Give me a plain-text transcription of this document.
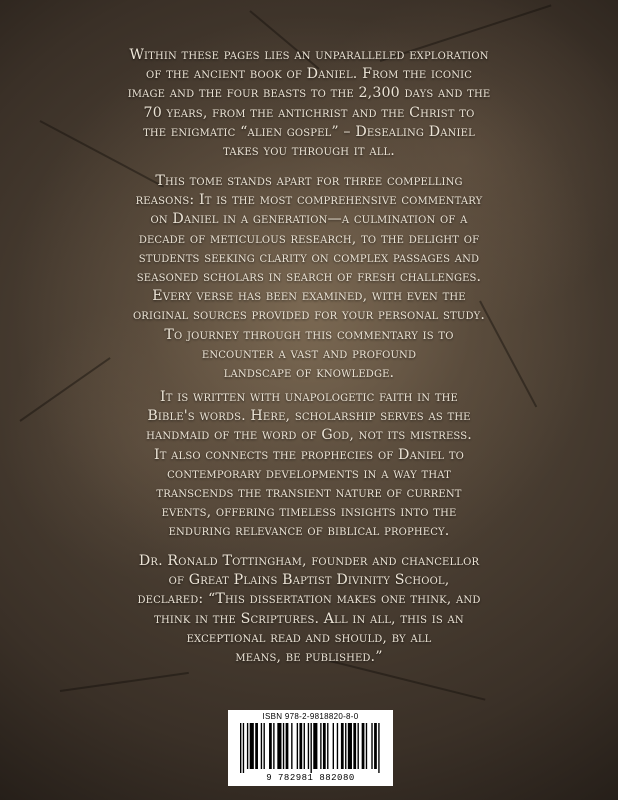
Within these pages lies an unparalleled exploration
of the ancient book of Daniel. From the iconic
image and the four beasts to the 2,300 days and the
70 years, from the antichrist and the Christ to
the enigmatic “alien gospel” – Desealing Daniel
takes you through it all.
This tome stands apart for three compelling
reasons: It is the most comprehensive commentary
on Daniel in a generation—a culmination of a
decade of meticulous research, to the delight of
students seeking clarity on complex passages and
seasoned scholars in search of fresh challenges.
Every verse has been examined, with even the
original sources provided for your personal study.
To journey through this commentary is to
encounter a vast and profound
landscape of knowledge.
It is written with unapologetic faith in the
Bible's words. Here, scholarship serves as the
handmaid of the word of God, not its mistress.
It also connects the prophecies of Daniel to
contemporary developments in a way that
transcends the transient nature of current
events, offering timeless insights into the
enduring relevance of biblical prophecy.
Dr. Ronald Tottingham, founder and chancellor
of Great Plains Baptist Divinity School,
declared: “This dissertation makes one think, and
think in the Scriptures. All in all, this is an
exceptional read and should, by all
means, be published.”
ISBN 978-2-9818820-8-0
9 782981 882080
